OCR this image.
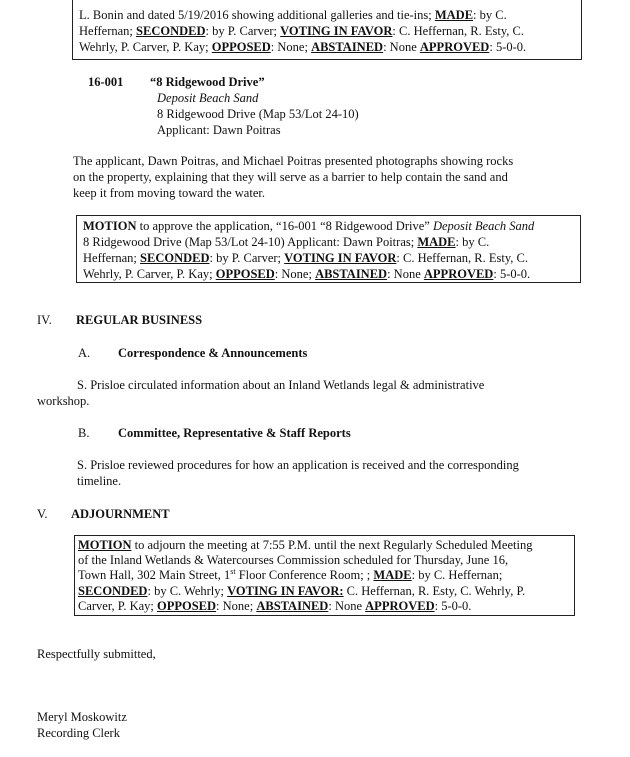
L. Bonin and dated 5/19/2016 showing additional galleries and tie-ins; MADE: by C.

Heffernan; SECONDED: by P. Carver; VOTING IN FAVOR: C. Heffernan, R. Esty, C.

Wehrly, P. Carver, P. Kay; OPPOSED: None; ABSTAINED: None APPROVED: 5-0-0.

16-001 “8 Ridgewood Drive”
Deposit Beach Sand
8 Ridgewood Drive (Map 53/Lot 24-10)
Applicant: Dawn Poitras

The applicant, Dawn Poitras, and Michael Poitras presented photographs showing rocks

on the property, explaining that they will serve as a barrier to help contain the sand and

keep it from moving toward the water.

MOTION to approve the application, “16-001 “8 Ridgewood Drive” Deposit Beach Sand

8 Ridgewood Drive (Map 53/Lot 24-10) Applicant: Dawn Poitras; MADE: by C.

Heffernan; SECONDED: by P. Carver; VOTING IN FAVOR: C. Heffernan, R. Esty, C.

Wehrly, P. Carver, P. Kay; OPPOSED: None; ABSTAINED: None APPROVED: 5-0-0.

IV. REGULAR BUSINESS
A. Correspondence & Announcements

S. Prisloe circulated information about an Inland Wetlands legal & administrative

workshop.

B. Committee, Representative & Staff Reports

S. Prisloe reviewed procedures for how an application is received and the corresponding

timeline.

V. ADJOURNMENT

MOTION to adjourn the meeting at 7:55 P.M. until the next Regularly Scheduled Meeting

of the Inland Wetlands & Watercourses Commission scheduled for Thursday, June 16,

Town Hall, 302 Main Street, 1st Floor Conference Room; ; MADE: by C. Heffernan;

SECONDED: by C. Wehrly; VOTING IN FAVOR: C. Heffernan, R. Esty, C. Wehrly, P.

Carver, P. Kay; OPPOSED: None; ABSTAINED: None APPROVED: 5-0-0.

Respectfully submitted,

Meryl Moskowitz

Recording Clerk
